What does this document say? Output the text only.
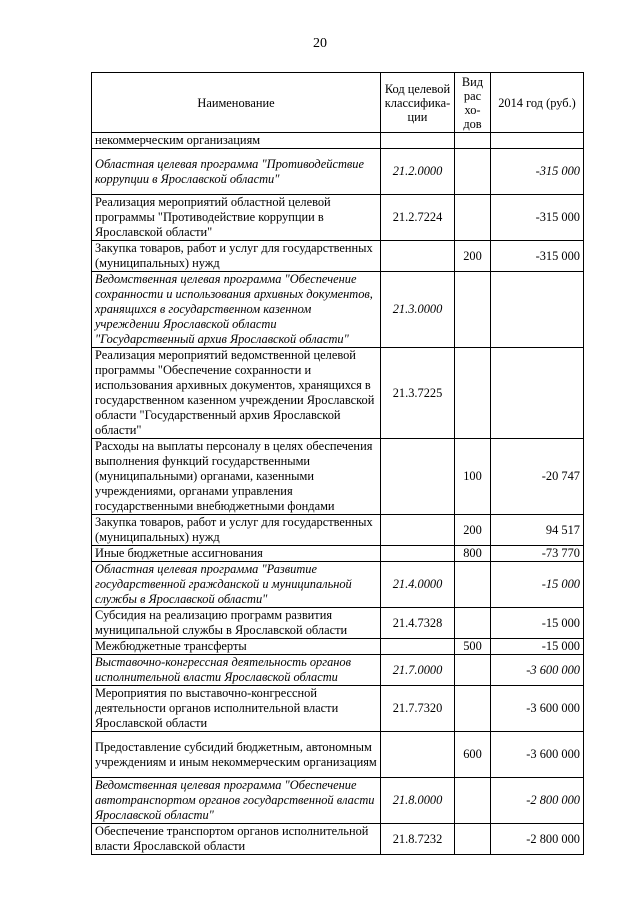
20
Наименование	Код целевой классифика-ции	Вид рас хо-дов	2014 год (руб.)
некоммерческим организациям			
Областная целевая программа "Противодействие коррупции в Ярославской области"	21.2.0000		-315 000
Реализация мероприятий областной целевой программы "Противодействие коррупции в Ярославской области"	21.2.7224		-315 000
Закупка товаров, работ и услуг для государственных (муниципальных) нужд		200	-315 000
Ведомственная целевая программа "Обеспечение сохранности и использования архивных документов, хранящихся в государственном казенном учреждении Ярославской области "Государственный архив Ярославской области"	21.3.0000		
Реализация мероприятий ведомственной целевой программы "Обеспечение сохранности и использования архивных документов, хранящихся в государственном казенном учреждении Ярославской области "Государственный архив Ярославской области"	21.3.7225		
Расходы на выплаты персоналу в целях обеспечения выполнения функций государственными (муниципальными) органами, казенными учреждениями, органами управления государственными внебюджетными фондами		100	-20 747
Закупка товаров, работ и услуг для государственных (муниципальных) нужд		200	94 517
Иные бюджетные ассигнования		800	-73 770
Областная целевая программа "Развитие государственной гражданской и муниципальной службы в Ярославской области"	21.4.0000		-15 000
Субсидия на реализацию программ развития муниципальной службы в Ярославской области	21.4.7328		-15 000
Межбюджетные трансферты		500	-15 000
Выставочно-конгрессная деятельность органов исполнительной власти Ярославской области	21.7.0000		-3 600 000
Мероприятия по выставочно-конгрессной деятельности органов исполнительной власти Ярославской области	21.7.7320		-3 600 000
Предоставление субсидий бюджетным, автономным учреждениям и иным некоммерческим организациям		600	-3 600 000
Ведомственная целевая программа "Обеспечение автотранспортом органов государственной власти Ярославской области"	21.8.0000		-2 800 000
Обеспечение транспортом органов исполнительной власти Ярославской области	21.8.7232		-2 800 000
